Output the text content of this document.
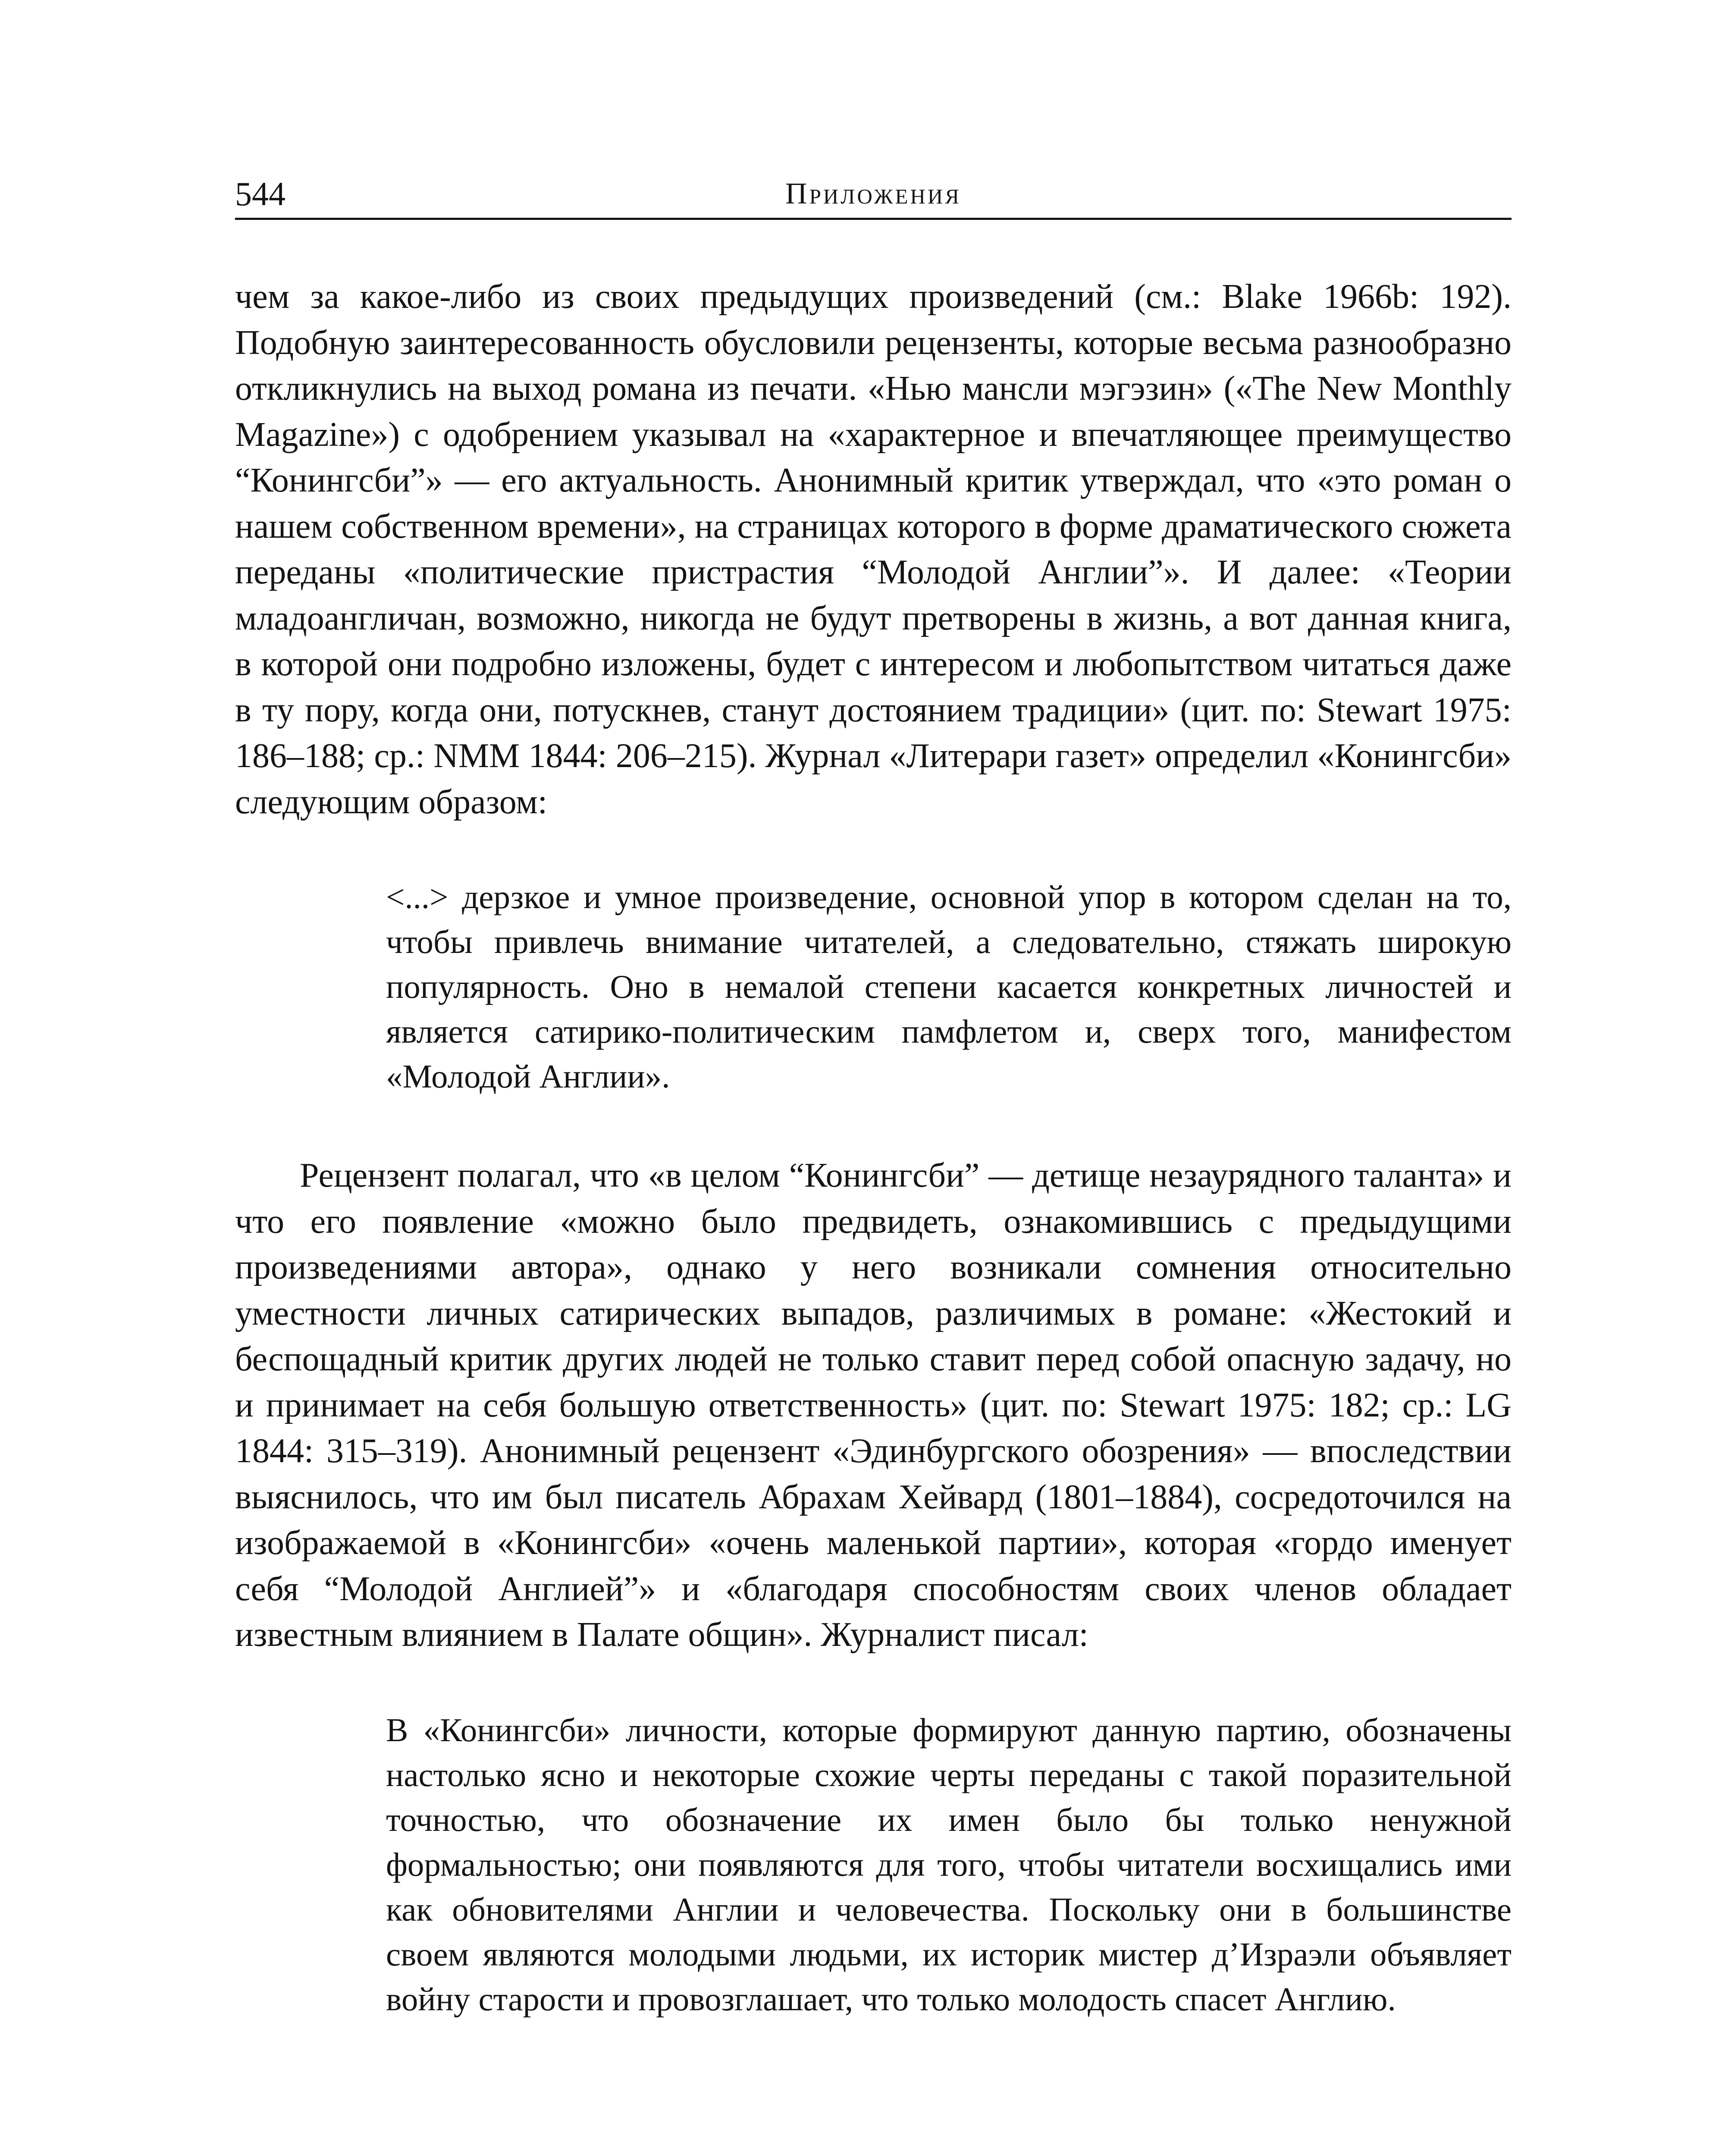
544	Приложения

чем за какое-либо из своих предыдущих произведений (см.: Blake 1966b: 192). Подобную заинтересованность обусловили рецензенты, которые весьма разнообразно откликнулись на выход романа из печати. «Нью мансли мэгэзин» («The New Monthly Magazine») с одобрением указывал на «характерное и впечатляющее преимущество “Конингсби”» — его актуальность. Анонимный критик утверждал, что «это роман о нашем собственном времени», на страницах которого в форме драматического сюжета переданы «политические пристрастия “Молодой Англии”». И далее: «Теории младоангличан, возможно, никогда не будут претворены в жизнь, а вот данная книга, в которой они подробно изложены, будет с интересом и любопытством читаться даже в ту пору, когда они, потускнев, станут достоянием традиции» (цит. по: Stewart 1975: 186–188; ср.: NMM 1844: 206–215). Журнал «Литерари газет» определил «Конингсби» следующим образом:

<...> дерзкое и умное произведение, основной упор в котором сделан на то, чтобы привлечь внимание читателей, а следовательно, стяжать широкую популярность. Оно в немалой степени касается конкретных личностей и является сатирико-политическим памфлетом и, сверх того, манифестом «Молодой Англии».

Рецензент полагал, что «в целом “Конингсби” — детище незаурядного таланта» и что его появление «можно было предвидеть, ознакомившись с предыдущими произведениями автора», однако у него возникали сомнения относительно уместности личных сатирических выпадов, различимых в романе: «Жестокий и беспощадный критик других людей не только ставит перед собой опасную задачу, но и принимает на себя большую ответственность» (цит. по: Stewart 1975: 182; ср.: LG 1844: 315–319). Анонимный рецензент «Эдинбургского обозрения» — впоследствии выяснилось, что им был писатель Абрахам Хейвард (1801–1884), сосредоточился на изображаемой в «Конингсби» «очень маленькой партии», которая «гордо именует себя “Молодой Англией”» и «благодаря способностям своих членов обладает известным влиянием в Палате общин». Журналист писал:

В «Конингсби» личности, которые формируют данную партию, обозначены настолько ясно и некоторые схожие черты переданы с такой поразительной точностью, что обозначение их имен было бы только ненужной формальностью; они появляются для того, чтобы читатели восхищались ими как обновителями Англии и человечества. Поскольку они в большинстве своем являются молодыми людьми, их историк мистер д’Израэли объявляет войну старости и провозглашает, что только молодость спасет Англию.
